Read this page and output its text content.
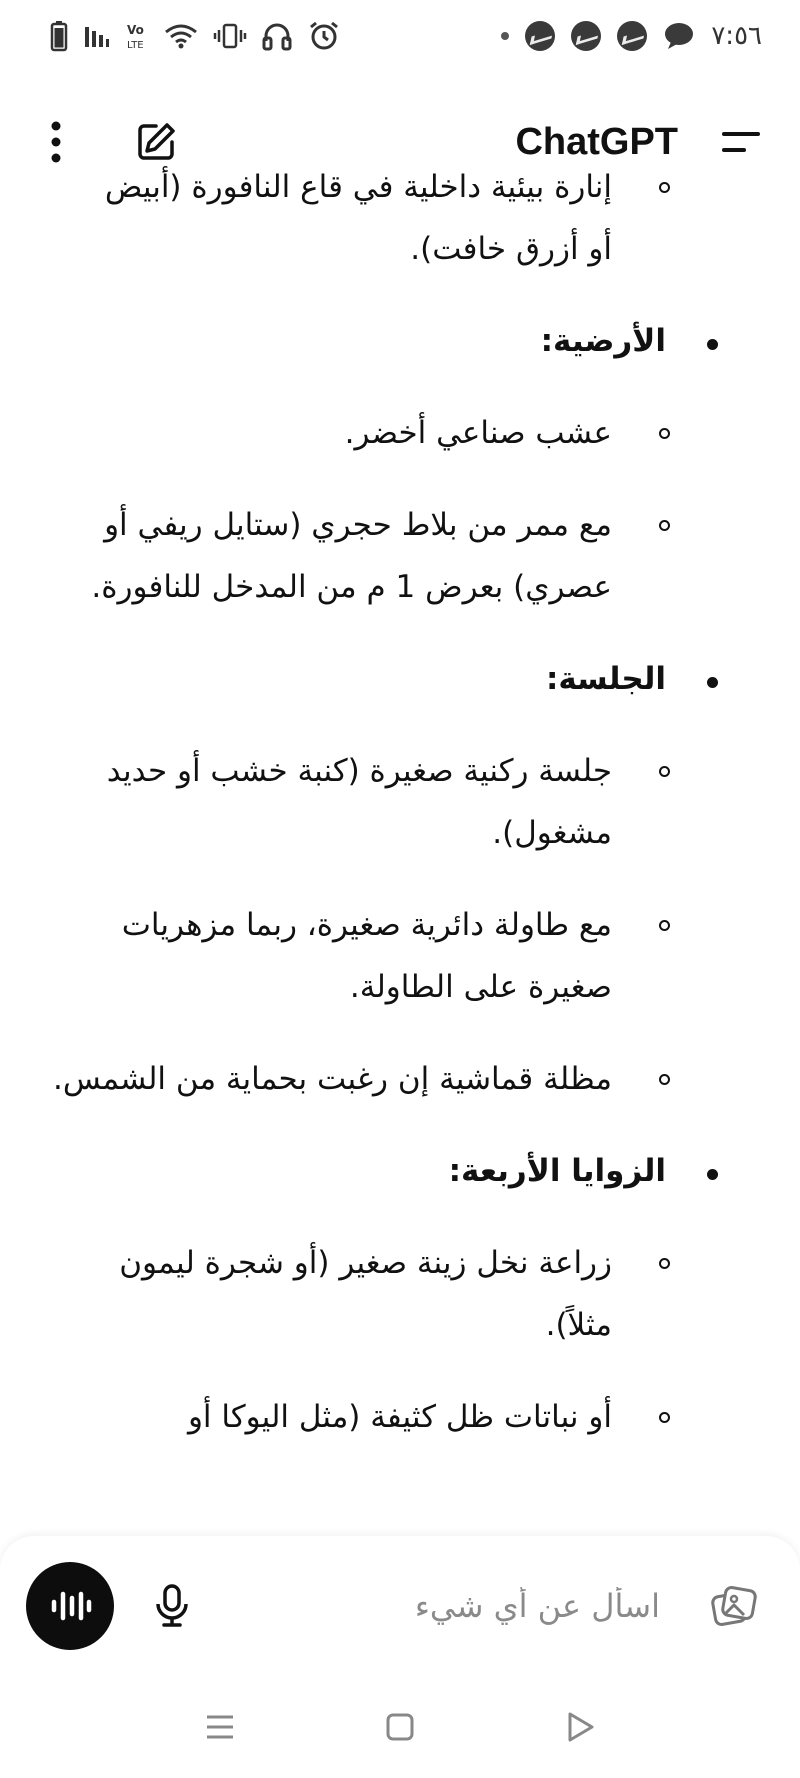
Vo
LTE	٧:٥٦
ChatGPT
إنارة بيئية داخلية في قاع النافورة (أبيض
أو أزرق خافت).
الأرضية:
عشب صناعي أخضر.
مع ممر من بلاط حجري (ستايل ريفي أو عصري) بعرض 1 م من المدخل للنافورة.
الجلسة:
جلسة ركنية صغيرة (كنبة خشب أو حديد مشغول).
مع طاولة دائرية صغيرة، ربما مزهريات صغيرة على الطاولة.
مظلة قماشية إن رغبت بحماية من الشمس.
الزوايا الأربعة:
زراعة نخل زينة صغير (أو شجرة ليمون مثلاً).
أو نباتات ظل كثيفة (مثل اليوكا أو
اسأل عن أي شيء
